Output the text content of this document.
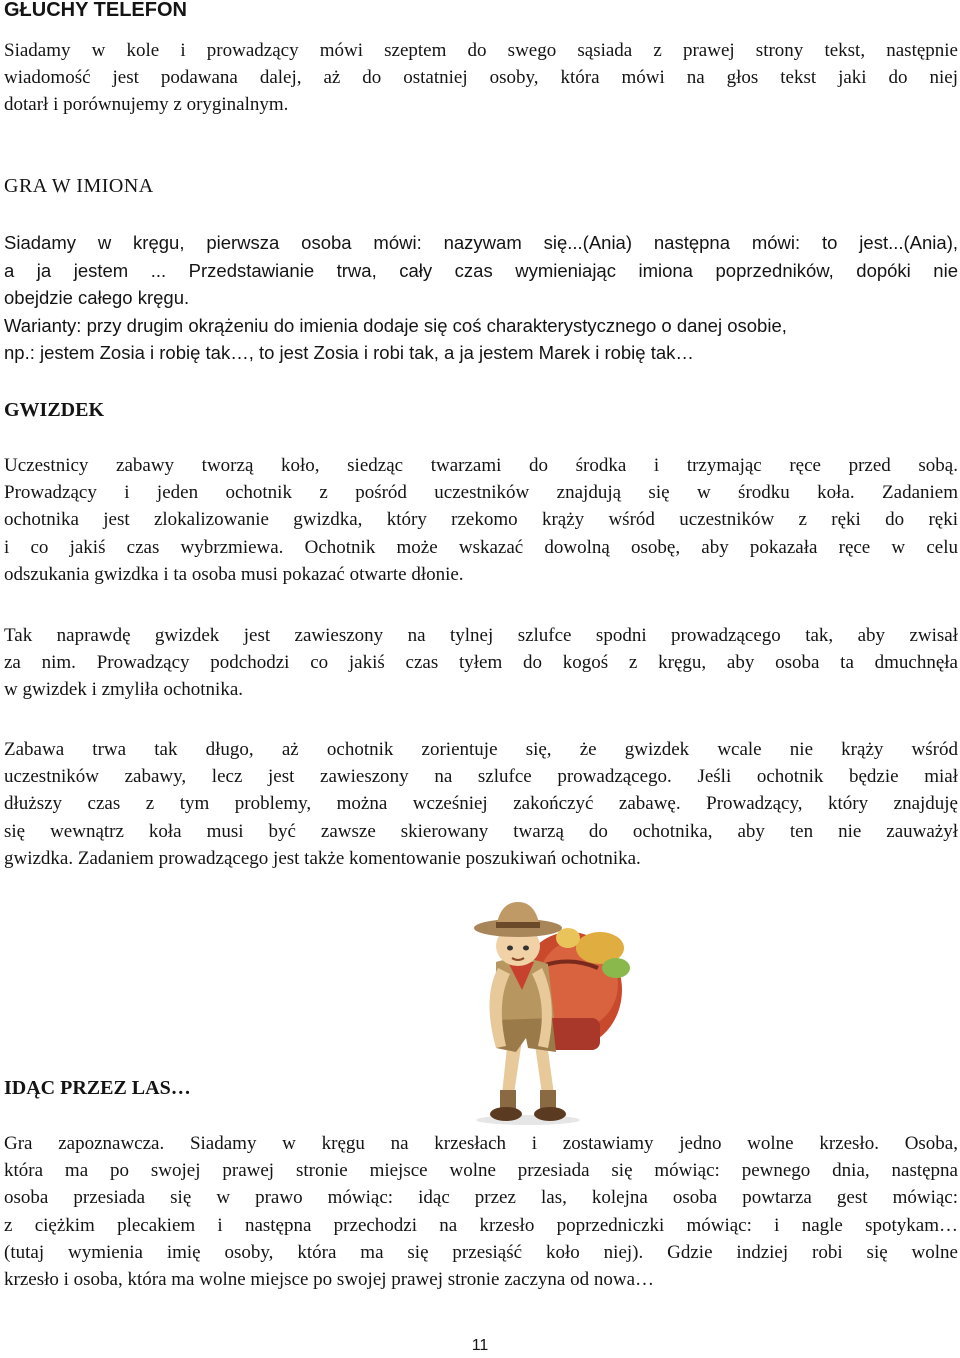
GŁUCHY TELEFON

Siadamy w kole i prowadzący mówi szeptem do swego sąsiada z prawej strony tekst, następnie
wiadomość jest podawana dalej, aż do ostatniej osoby, która mówi na głos tekst jaki do niej
dotarł i porównujemy z oryginalnym.

GRA W IMIONA

Siadamy w kręgu, pierwsza osoba mówi: nazywam się...(Ania) następna mówi: to jest...(Ania),
a ja jestem ... Przedstawianie trwa, cały czas wymieniając imiona poprzedników, dopóki nie
obejdzie całego kręgu.
Warianty: przy drugim okrążeniu do imienia dodaje się coś charakterystycznego o danej osobie,
np.: jestem Zosia i robię tak…, to jest Zosia i robi tak, a ja jestem Marek i robię tak…

GWIZDEK

Uczestnicy zabawy tworzą koło, siedząc twarzami do środka i trzymając ręce przed sobą.
Prowadzący i jeden ochotnik z pośród uczestników znajdują się w środku koła. Zadaniem
ochotnika jest zlokalizowanie gwizdka, który rzekomo krąży wśród uczestników z ręki do ręki
i co jakiś czas wybrzmiewa. Ochotnik może wskazać dowolną osobę, aby pokazała ręce w celu
odszukania gwizdka i ta osoba musi pokazać otwarte dłonie.

Tak naprawdę gwizdek jest zawieszony na tylnej szlufce spodni prowadzącego tak, aby zwisał
za nim. Prowadzący podchodzi co jakiś czas tyłem do kogoś z kręgu, aby osoba ta dmuchnęła
w gwizdek i zmyliła ochotnika.

Zabawa trwa tak długo, aż ochotnik zorientuje się, że gwizdek wcale nie krąży wśród
uczestników zabawy, lecz jest zawieszony na szlufce prowadzącego. Jeśli ochotnik będzie miał
dłuższy czas z tym problemy, można wcześniej zakończyć zabawę. Prowadzący, który znajduję
się wewnątrz koła musi być zawsze skierowany twarzą do ochotnika, aby ten nie zauważył
gwizdka. Zadaniem prowadzącego jest także komentowanie poszukiwań ochotnika.

IDĄC PRZEZ LAS…

Gra zapoznawcza. Siadamy w kręgu na krzesłach i zostawiamy jedno wolne krzesło. Osoba,
która ma po swojej prawej stronie miejsce wolne przesiada się mówiąc: pewnego dnia, następna
osoba przesiada się w prawo mówiąc: idąc przez las, kolejna osoba powtarza gest mówiąc:
z ciężkim plecakiem i następna przechodzi na krzesło poprzedniczki mówiąc: i nagle spotykam…
(tutaj wymienia imię osoby, która ma się przesiąść koło niej). Gdzie indziej robi się wolne
krzesło i osoba, która ma wolne miejsce po swojej prawej stronie zaczyna od nowa…

11
